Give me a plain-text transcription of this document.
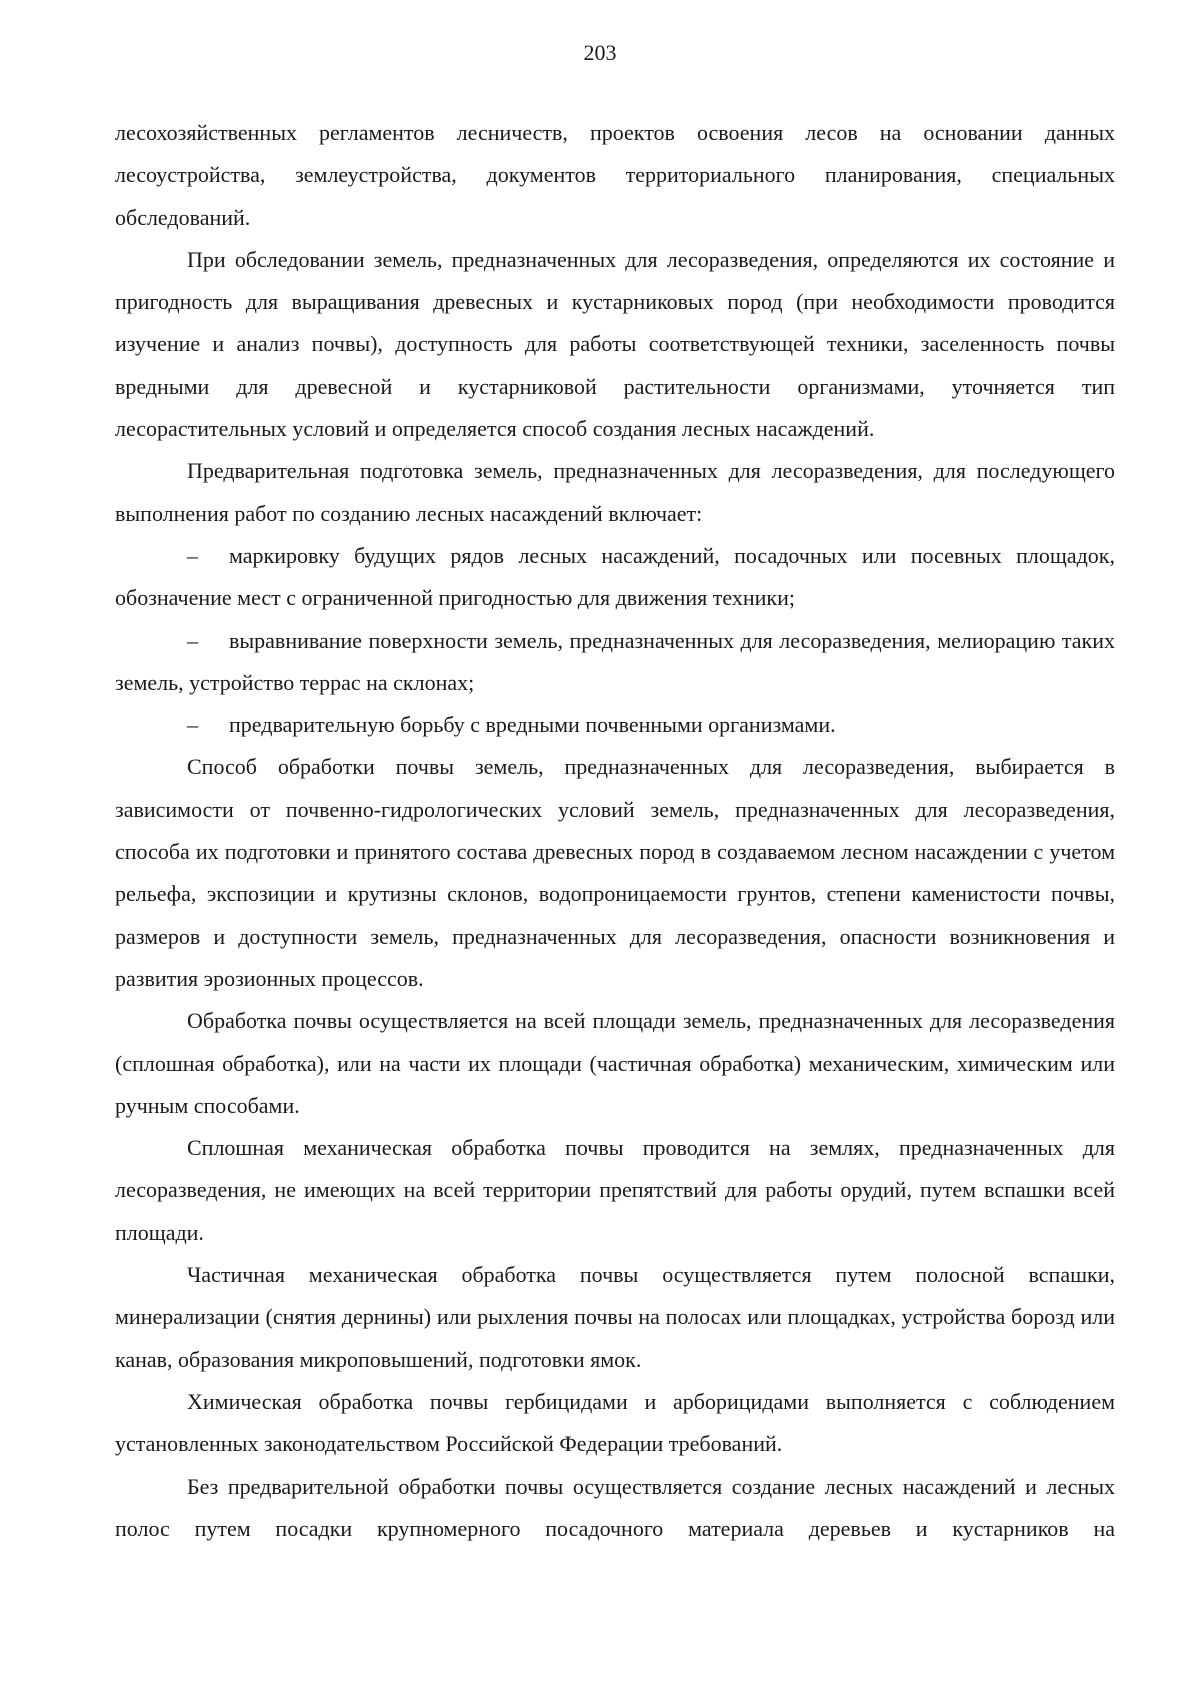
203

лесохозяйственных регламентов лесничеств, проектов освоения лесов на основании данных лесоустройства, землеустройства, документов территориального планирования, специальных обследований.

При обследовании земель, предназначенных для лесоразведения, определяются их состояние и пригодность для выращивания древесных и кустарниковых пород (при необходимости проводится изучение и анализ почвы), доступность для работы соответствующей техники, заселенность почвы вредными для древесной и кустарниковой растительности организмами, уточняется тип лесорастительных условий и определяется способ создания лесных насаждений.

Предварительная подготовка земель, предназначенных для лесоразведения, для последующего выполнения работ по созданию лесных насаждений включает:

– маркировку будущих рядов лесных насаждений, посадочных или посевных площадок, обозначение мест с ограниченной пригодностью для движения техники;

– выравнивание поверхности земель, предназначенных для лесоразведения, мелиорацию таких земель, устройство террас на склонах;

– предварительную борьбу с вредными почвенными организмами.

Способ обработки почвы земель, предназначенных для лесоразведения, выбирается в зависимости от почвенно-гидрологических условий земель, предназначенных для лесоразведения, способа их подготовки и принятого состава древесных пород в создаваемом лесном насаждении с учетом рельефа, экспозиции и крутизны склонов, водопроницаемости грунтов, степени каменистости почвы, размеров и доступности земель, предназначенных для лесоразведения, опасности возникновения и развития эрозионных процессов.

Обработка почвы осуществляется на всей площади земель, предназначенных для лесоразведения (сплошная обработка), или на части их площади (частичная обработка) механическим, химическим или ручным способами.

Сплошная механическая обработка почвы проводится на землях, предназначенных для лесоразведения, не имеющих на всей территории препятствий для работы орудий, путем вспашки всей площади.

Частичная механическая обработка почвы осуществляется путем полосной вспашки, минерализации (снятия дернины) или рыхления почвы на полосах или площадках, устройства борозд или канав, образования микроповышений, подготовки ямок.

Химическая обработка почвы гербицидами и арборицидами выполняется с соблюдением установленных законодательством Российской Федерации требований.

Без предварительной обработки почвы осуществляется создание лесных насаждений и лесных полос путем посадки крупномерного посадочного материала деревьев и кустарников на
